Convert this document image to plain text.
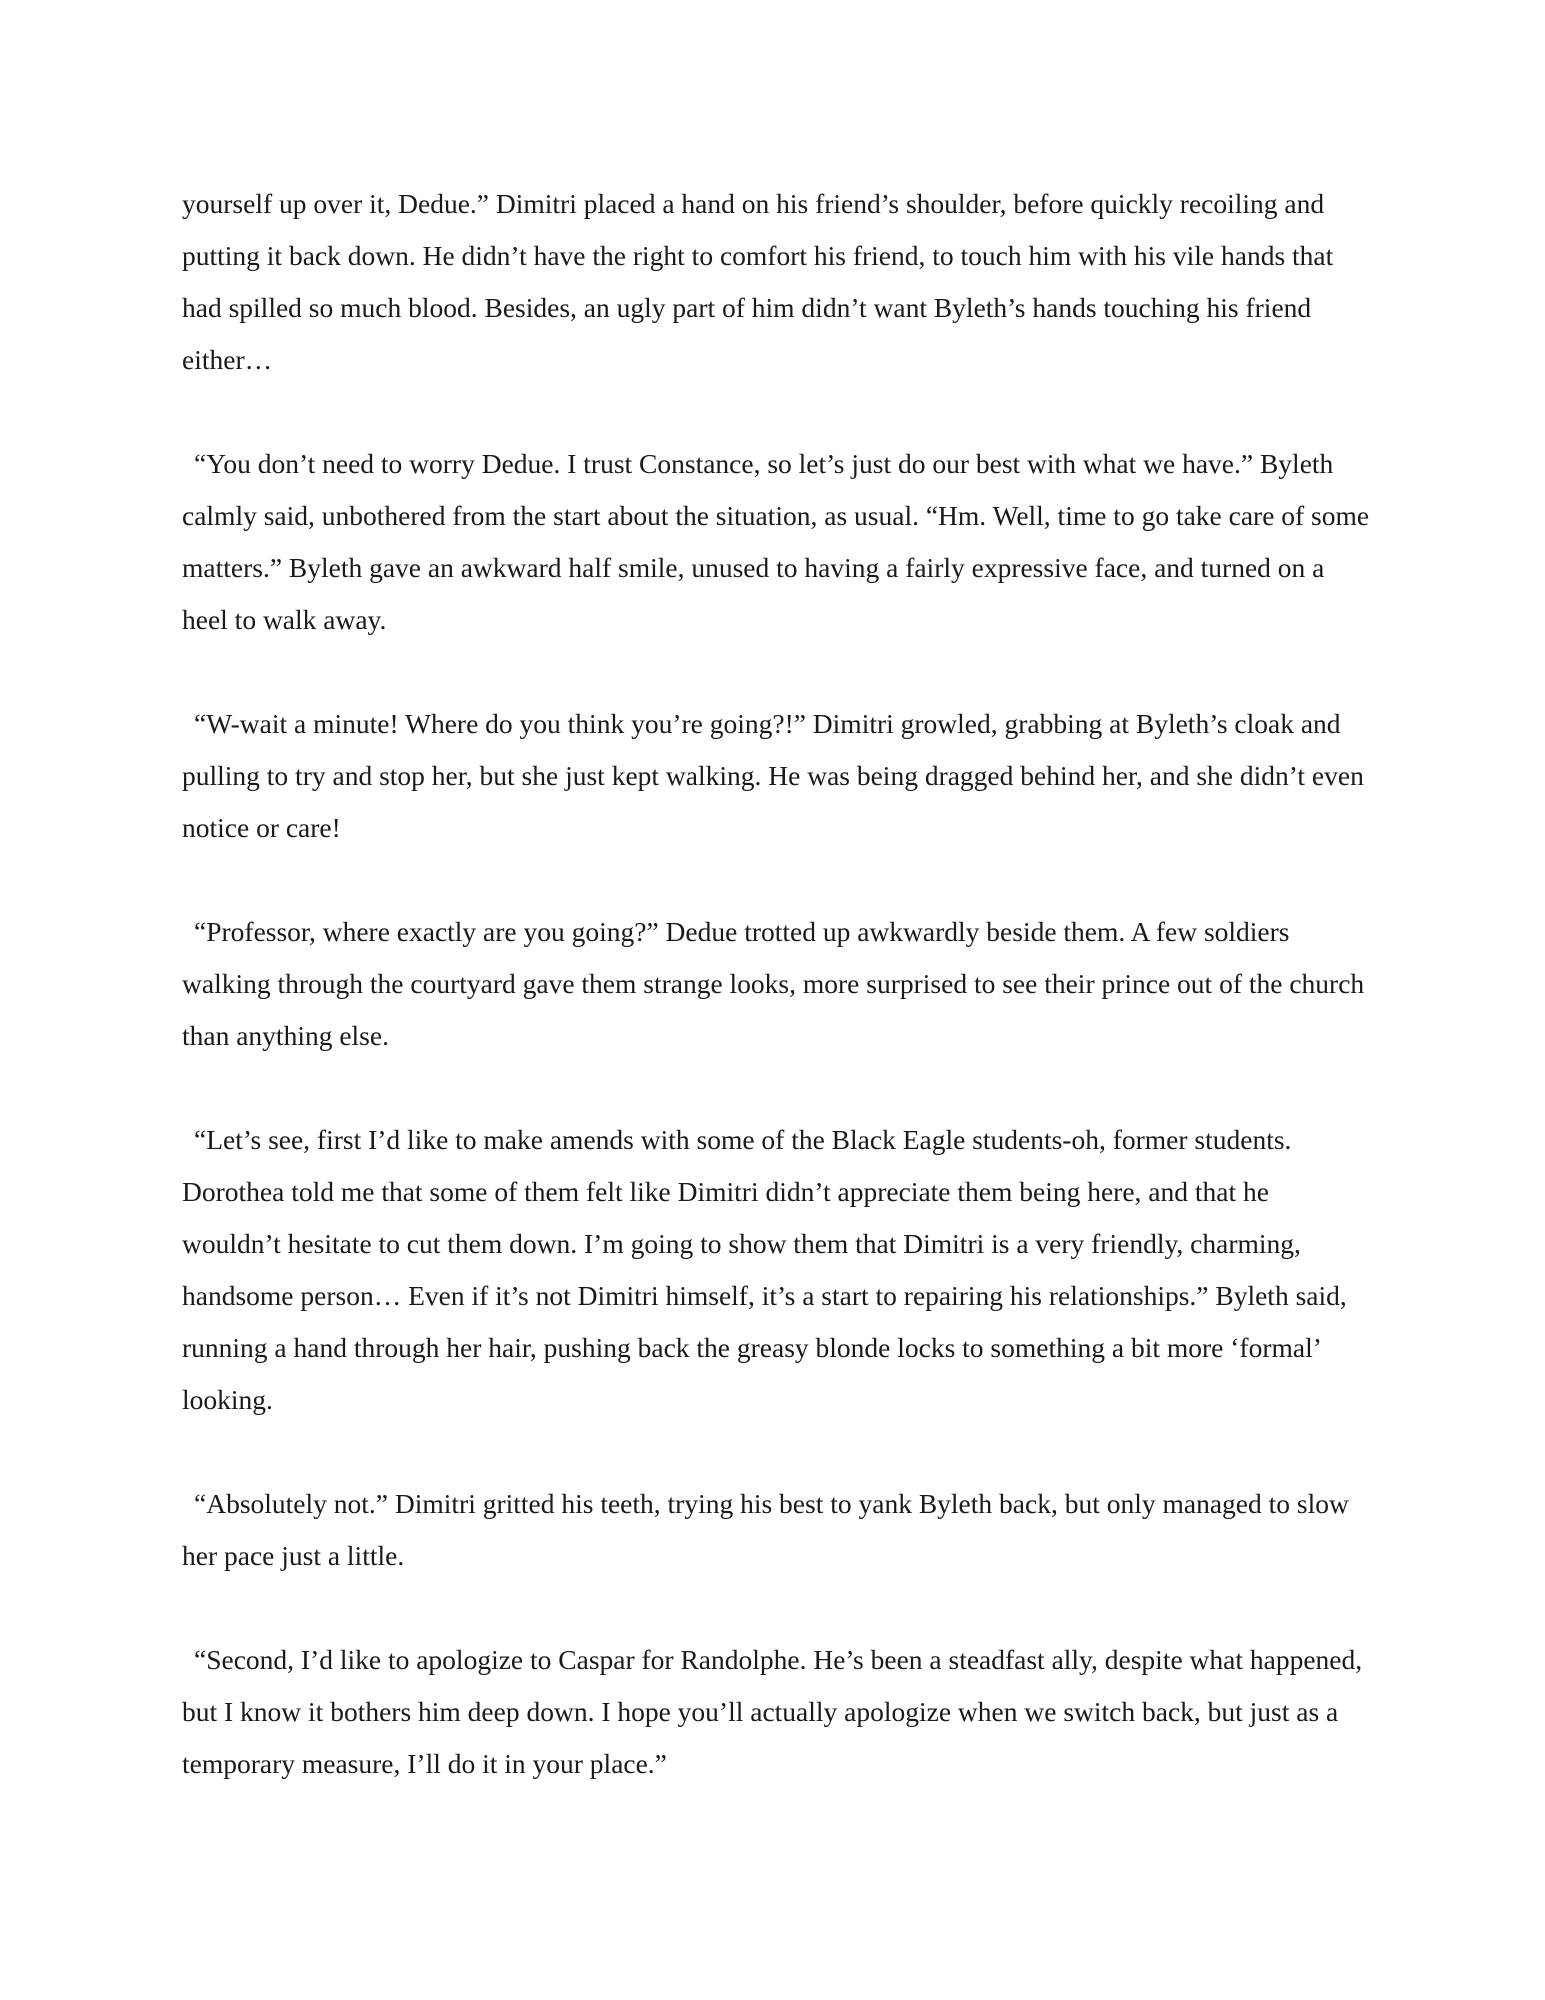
yourself up over it, Dedue.” Dimitri placed a hand on his friend’s shoulder, before quickly recoiling and putting it back down. He didn’t have the right to comfort his friend, to touch him with his vile hands that had spilled so much blood. Besides, an ugly part of him didn’t want Byleth’s hands touching his friend either…

“You don’t need to worry Dedue. I trust Constance, so let’s just do our best with what we have.” Byleth calmly said, unbothered from the start about the situation, as usual. “Hm. Well, time to go take care of some matters.” Byleth gave an awkward half smile, unused to having a fairly expressive face, and turned on a heel to walk away.

“W-wait a minute! Where do you think you’re going?!” Dimitri growled, grabbing at Byleth’s cloak and pulling to try and stop her, but she just kept walking. He was being dragged behind her, and she didn’t even notice or care!

“Professor, where exactly are you going?” Dedue trotted up awkwardly beside them. A few soldiers walking through the courtyard gave them strange looks, more surprised to see their prince out of the church than anything else.

“Let’s see, first I’d like to make amends with some of the Black Eagle students-oh, former students. Dorothea told me that some of them felt like Dimitri didn’t appreciate them being here, and that he wouldn’t hesitate to cut them down. I’m going to show them that Dimitri is a very friendly, charming, handsome person… Even if it’s not Dimitri himself, it’s a start to repairing his relationships.” Byleth said, running a hand through her hair, pushing back the greasy blonde locks to something a bit more ‘formal’ looking.

“Absolutely not.” Dimitri gritted his teeth, trying his best to yank Byleth back, but only managed to slow her pace just a little.

“Second, I’d like to apologize to Caspar for Randolphe. He’s been a steadfast ally, despite what happened, but I know it bothers him deep down. I hope you’ll actually apologize when we switch back, but just as a temporary measure, I’ll do it in your place.”
